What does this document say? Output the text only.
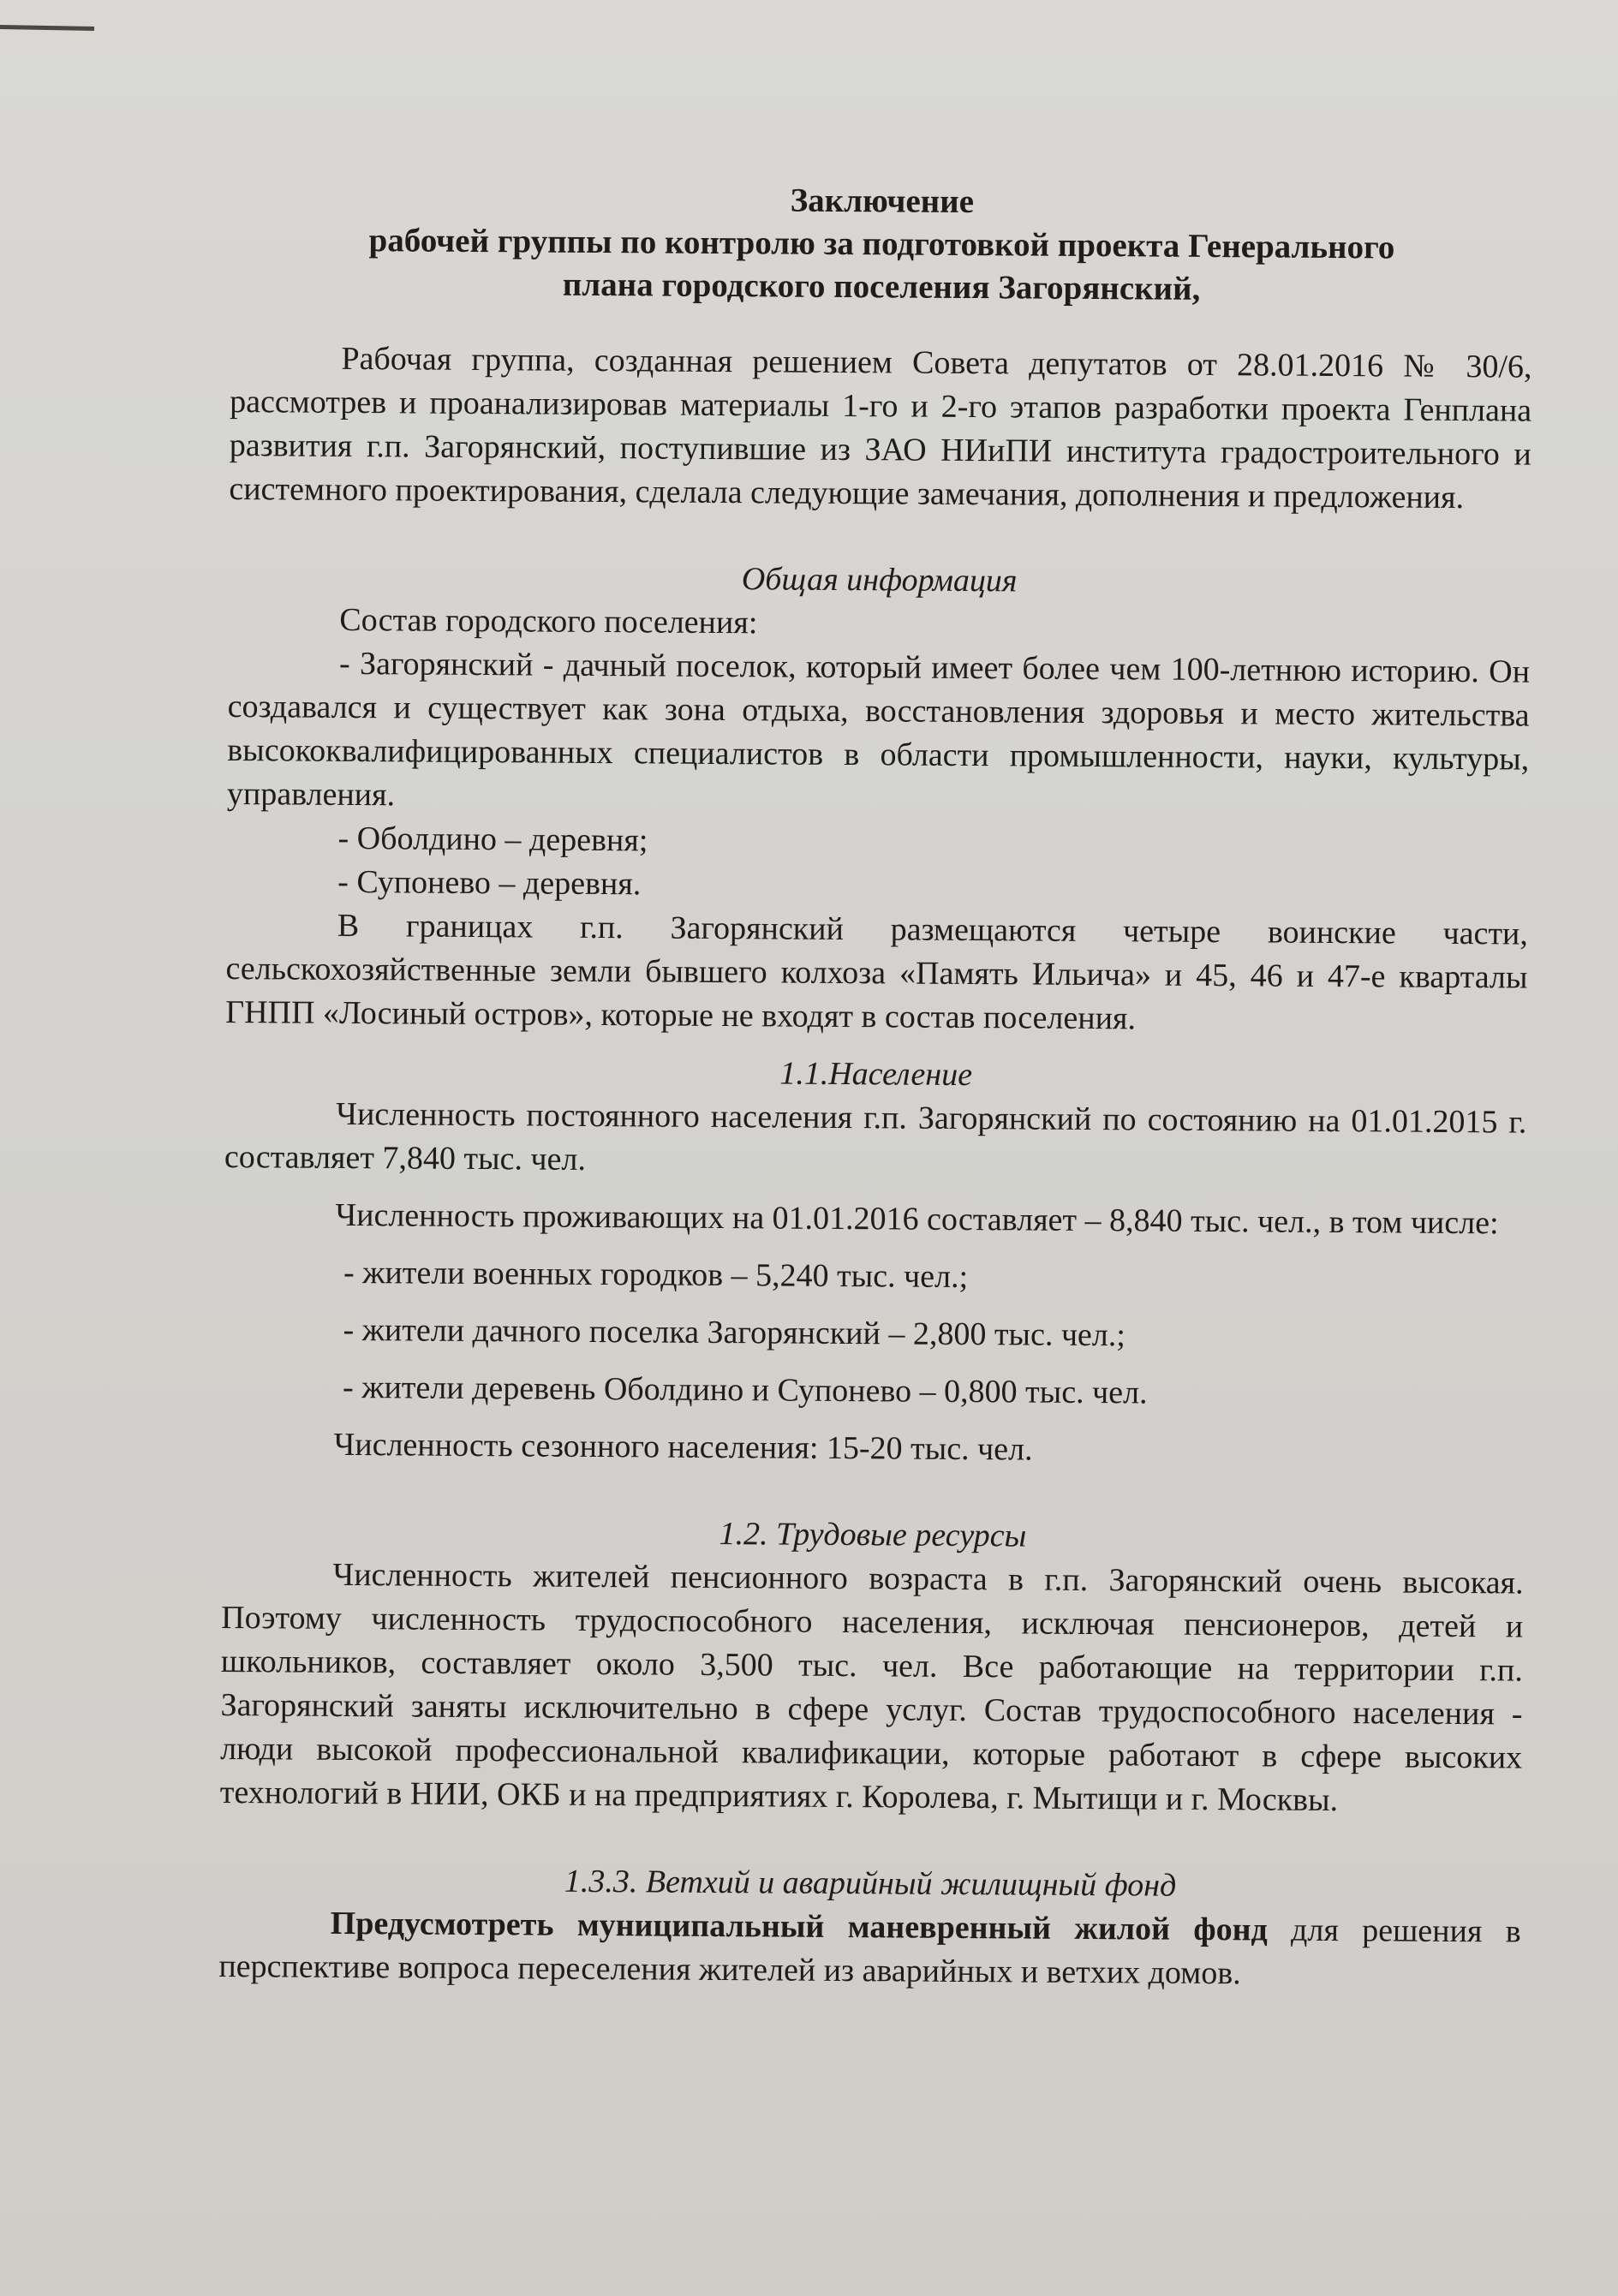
Заключение
рабочей группы по контролю за подготовкой проекта Генерального
плана городского поселения Загорянский,

Рабочая группа, созданная решением Совета депутатов от 28.01.2016 № 30/6, рассмотрев и проанализировав материалы 1-го и 2-го этапов разработки проекта Генплана развития г.п. Загорянский, поступившие из ЗАО НИиПИ института градостроительного и системного проектирования, сделала следующие замечания, дополнения и предложения.

Общая информация

Состав городского поселения:

- Загорянский - дачный поселок, который имеет более чем 100-летнюю историю. Он создавался и существует как зона отдыха, восстановления здоровья и место жительства высококвалифицированных специалистов в области промышленности, науки, культуры, управления.

- Оболдино – деревня;

- Супонево – деревня.

В границах г.п. Загорянский размещаются четыре воинские части, сельскохозяйственные земли бывшего колхоза «Память Ильича» и 45, 46 и 47-е кварталы ГНПП «Лосиный остров», которые не входят в состав поселения.

1.1.Население

Численность постоянного населения г.п. Загорянский по состоянию на 01.01.2015 г. составляет 7,840 тыс. чел.

Численность проживающих на 01.01.2016 составляет – 8,840 тыс. чел., в том числе:

- жители военных городков – 5,240 тыс. чел.;

- жители дачного поселка Загорянский – 2,800 тыс. чел.;

- жители деревень Оболдино и Супонево – 0,800 тыс. чел.

Численность сезонного населения: 15-20 тыс. чел.

1.2. Трудовые ресурсы

Численность жителей пенсионного возраста в г.п. Загорянский очень высокая. Поэтому численность трудоспособного населения, исключая пенсионеров, детей и школьников, составляет около 3,500 тыс. чел. Все работающие на территории г.п. Загорянский заняты исключительно в сфере услуг. Состав трудоспособного населения - люди высокой профессиональной квалификации, которые работают в сфере высоких технологий в НИИ, ОКБ и на предприятиях г. Королева, г. Мытищи и г. Москвы.

1.3.3. Ветхий и аварийный жилищный фонд

Предусмотреть муниципальный маневренный жилой фонд для решения в перспективе вопроса переселения жителей из аварийных и ветхих домов.
